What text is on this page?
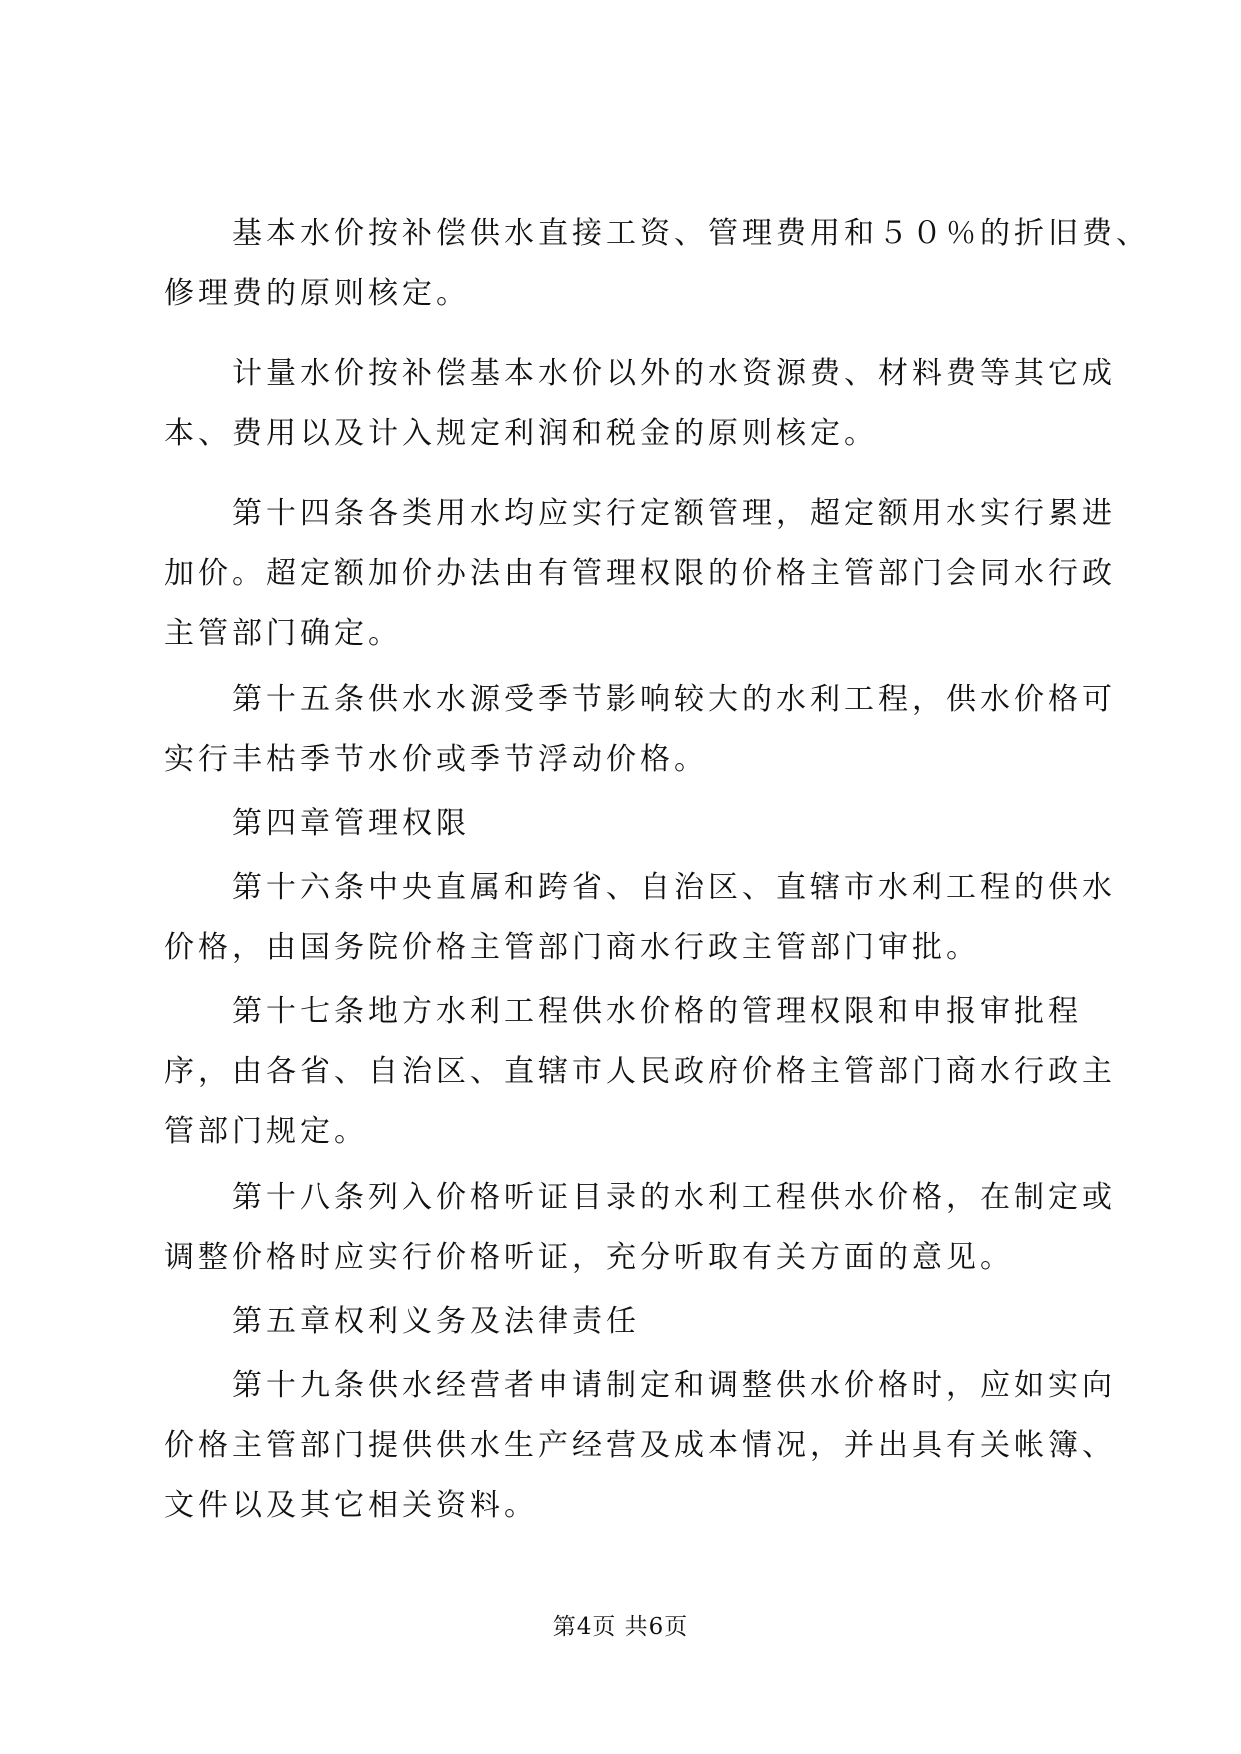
基本水价按补偿供水直接工资、管理费用和５０％的折旧费、
修理费的原则核定。
计量水价按补偿基本水价以外的水资源费、材料费等其它成
本、费用以及计入规定利润和税金的原则核定。
第十四条各类用水均应实行定额管理，超定额用水实行累进
加价。超定额加价办法由有管理权限的价格主管部门会同水行政
主管部门确定。
第十五条供水水源受季节影响较大的水利工程，供水价格可
实行丰枯季节水价或季节浮动价格。
第四章管理权限
第十六条中央直属和跨省、自治区、直辖市水利工程的供水
价格，由国务院价格主管部门商水行政主管部门审批。
第十七条地方水利工程供水价格的管理权限和申报审批程
序，由各省、自治区、直辖市人民政府价格主管部门商水行政主
管部门规定。
第十八条列入价格听证目录的水利工程供水价格，在制定或
调整价格时应实行价格听证，充分听取有关方面的意见。
第五章权利义务及法律责任
第十九条供水经营者申请制定和调整供水价格时，应如实向
价格主管部门提供供水生产经营及成本情况，并出具有关帐簿、
文件以及其它相关资料。
第4页 共6页
